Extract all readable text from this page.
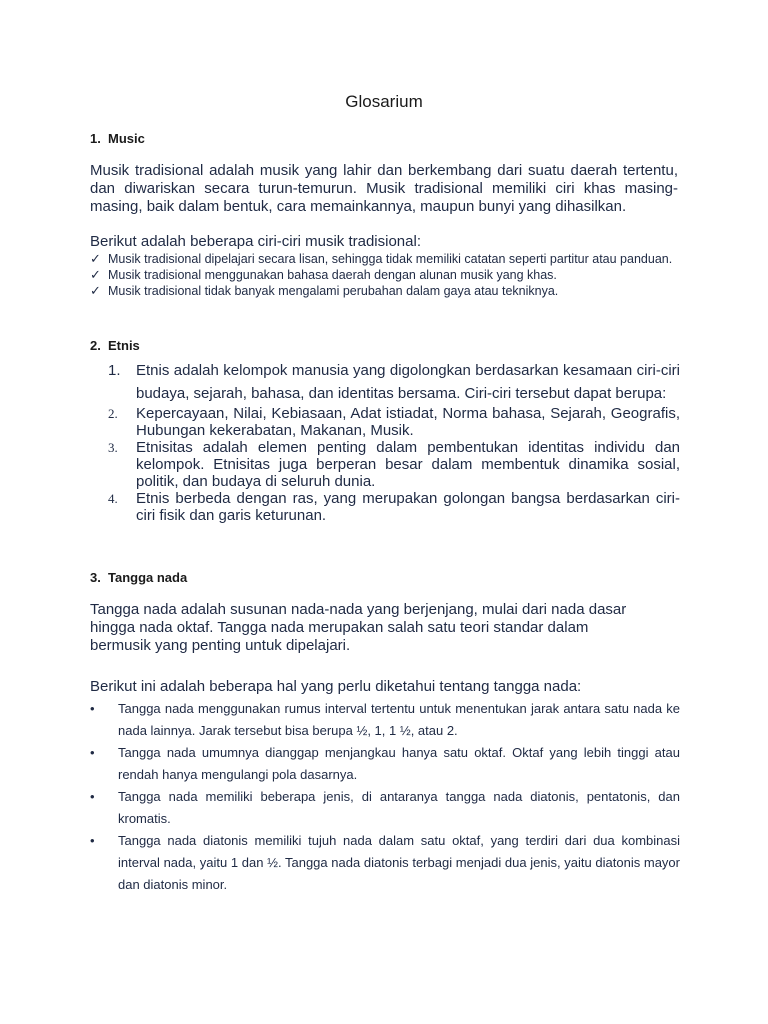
Glosarium
1. Music
Musik tradisional adalah musik yang lahir dan berkembang dari suatu daerah tertentu, dan diwariskan secara turun-temurun. Musik tradisional memiliki ciri khas masing-masing, baik dalam bentuk, cara memainkannya, maupun bunyi yang dihasilkan.
Berikut adalah beberapa ciri-ciri musik tradisional:
✓ Musik tradisional dipelajari secara lisan, sehingga tidak memiliki catatan seperti partitur atau panduan.
✓ Musik tradisional menggunakan bahasa daerah dengan alunan musik yang khas.
✓ Musik tradisional tidak banyak mengalami perubahan dalam gaya atau tekniknya.
2. Etnis
1. Etnis adalah kelompok manusia yang digolongkan berdasarkan kesamaan ciri-ciri budaya, sejarah, bahasa, dan identitas bersama. Ciri-ciri tersebut dapat berupa:
2. Kepercayaan, Nilai, Kebiasaan, Adat istiadat, Norma bahasa, Sejarah, Geografis, Hubungan kekerabatan, Makanan, Musik.
3. Etnisitas adalah elemen penting dalam pembentukan identitas individu dan kelompok. Etnisitas juga berperan besar dalam membentuk dinamika sosial, politik, dan budaya di seluruh dunia.
4. Etnis berbeda dengan ras, yang merupakan golongan bangsa berdasarkan ciri-ciri fisik dan garis keturunan.
3. Tangga nada
Tangga nada adalah susunan nada-nada yang berjenjang, mulai dari nada dasar hingga nada oktaf. Tangga nada merupakan salah satu teori standar dalam bermusik yang penting untuk dipelajari.
Berikut ini adalah beberapa hal yang perlu diketahui tentang tangga nada:
• Tangga nada menggunakan rumus interval tertentu untuk menentukan jarak antara satu nada ke nada lainnya. Jarak tersebut bisa berupa ½, 1, 1 ½, atau 2.
• Tangga nada umumnya dianggap menjangkau hanya satu oktaf. Oktaf yang lebih tinggi atau rendah hanya mengulangi pola dasarnya.
• Tangga nada memiliki beberapa jenis, di antaranya tangga nada diatonis, pentatonis, dan kromatis.
• Tangga nada diatonis memiliki tujuh nada dalam satu oktaf, yang terdiri dari dua kombinasi interval nada, yaitu 1 dan ½. Tangga nada diatonis terbagi menjadi dua jenis, yaitu diatonis mayor dan diatonis minor.
